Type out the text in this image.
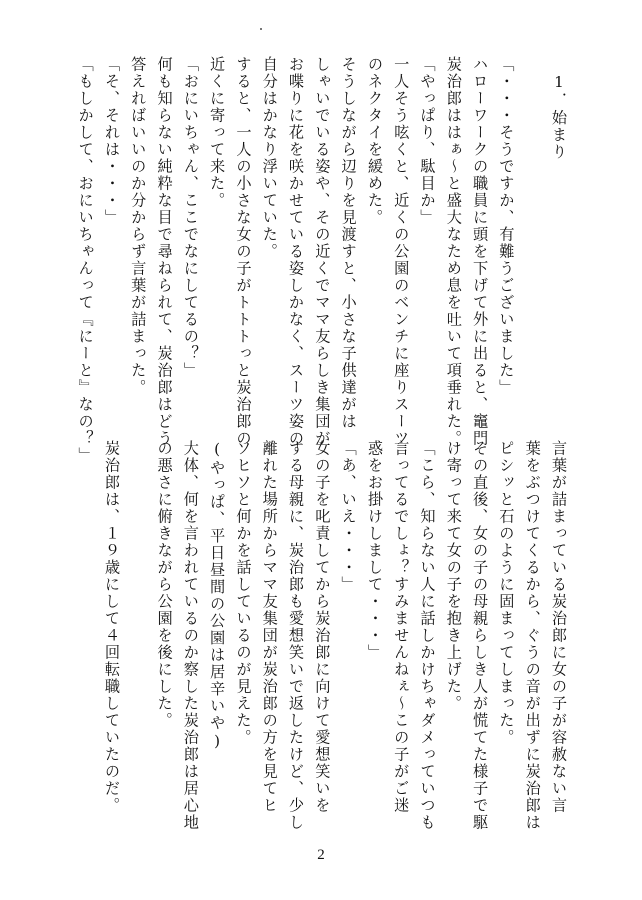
　1．始まり

「・・・そうですか、有難うございました」
ハローワークの職員に頭を下げて外に出ると、竈門
炭治郎ははぁ～と盛大なため息を吐いて項垂れた。
「やっぱり、駄目か」
一人そう呟くと、近くの公園のベンチに座りスーツ
のネクタイを緩めた。
そうしながら辺りを見渡すと、小さな子供達がは
しゃいでいる姿や、その近くでママ友らしき集団が
お喋りに花を咲かせている姿しかなく、スーツ姿の
自分はかなり浮いていた。
すると、一人の小さな女の子がトトトっと炭治郎の
近くに寄って来た。
「おにいちゃん、ここでなにしてるの？」
何も知らない純粋な目で尋ねられて、炭治郎はどう
答えればいいのか分からず言葉が詰まった。
「そ、それは・・・」
「もしかして、おにいちゃんって『にーと』なの？」
言葉が詰まっている炭治郎に女の子が容赦ない言
葉をぶつけてくるから、ぐうの音が出ずに炭治郎は
ピシッと石のように固まってしまった。
その直後、女の子の母親らしき人が慌てた様子で駆
け寄って来て女の子を抱き上げた。
「こら、知らない人に話しかけちゃダメっていつも
言ってるでしょ？すみませんねぇ～この子がご迷
惑をお掛けしまして・・・」
「あ、いえ・・・」
女の子を叱責してから炭治郎に向けて愛想笑いを
する母親に、炭治郎も愛想笑いで返したけど、少し
離れた場所からママ友集団が炭治郎の方を見てヒ
ソヒソと何かを話しているのが見えた。
(やっぱ、平日昼間の公園は居辛いや)
大体、何を言われているのか察した炭治郎は居心地
の悪さに俯きながら公園を後にした。

炭治郎は、１９歳にして４回転職していたのだ。
2
